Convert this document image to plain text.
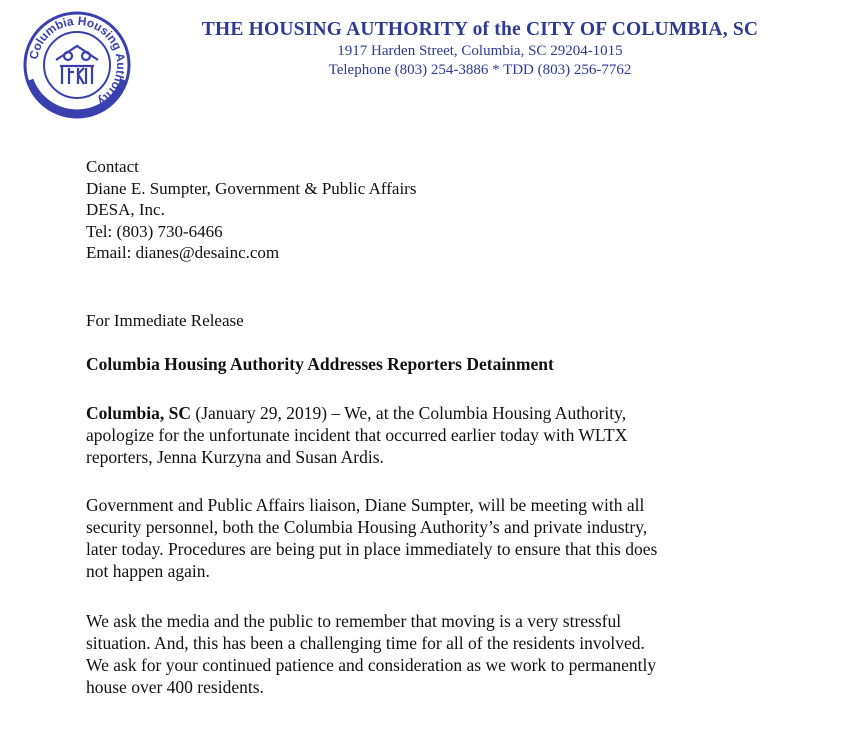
Columbia Housing Authority
THE HOUSING AUTHORITY of the CITY OF COLUMBIA, SC
1917 Harden Street, Columbia, SC 29204-1015
Telephone (803) 254-3886 * TDD (803) 256-7762
Contact
Diane E. Sumpter, Government & Public Affairs
DESA, Inc.
Tel: (803) 730-6466
Email: dianes@desainc.com
For Immediate Release
Columbia Housing Authority Addresses Reporters Detainment
Columbia, SC (January 29, 2019) – We, at the Columbia Housing Authority,
apologize for the unfortunate incident that occurred earlier today with WLTX
reporters, Jenna Kurzyna and Susan Ardis.
Government and Public Affairs liaison, Diane Sumpter, will be meeting with all
security personnel, both the Columbia Housing Authority’s and private industry,
later today. Procedures are being put in place immediately to ensure that this does
not happen again.
We ask the media and the public to remember that moving is a very stressful
situation. And, this has been a challenging time for all of the residents involved.
We ask for your continued patience and consideration as we work to permanently
house over 400 residents.
